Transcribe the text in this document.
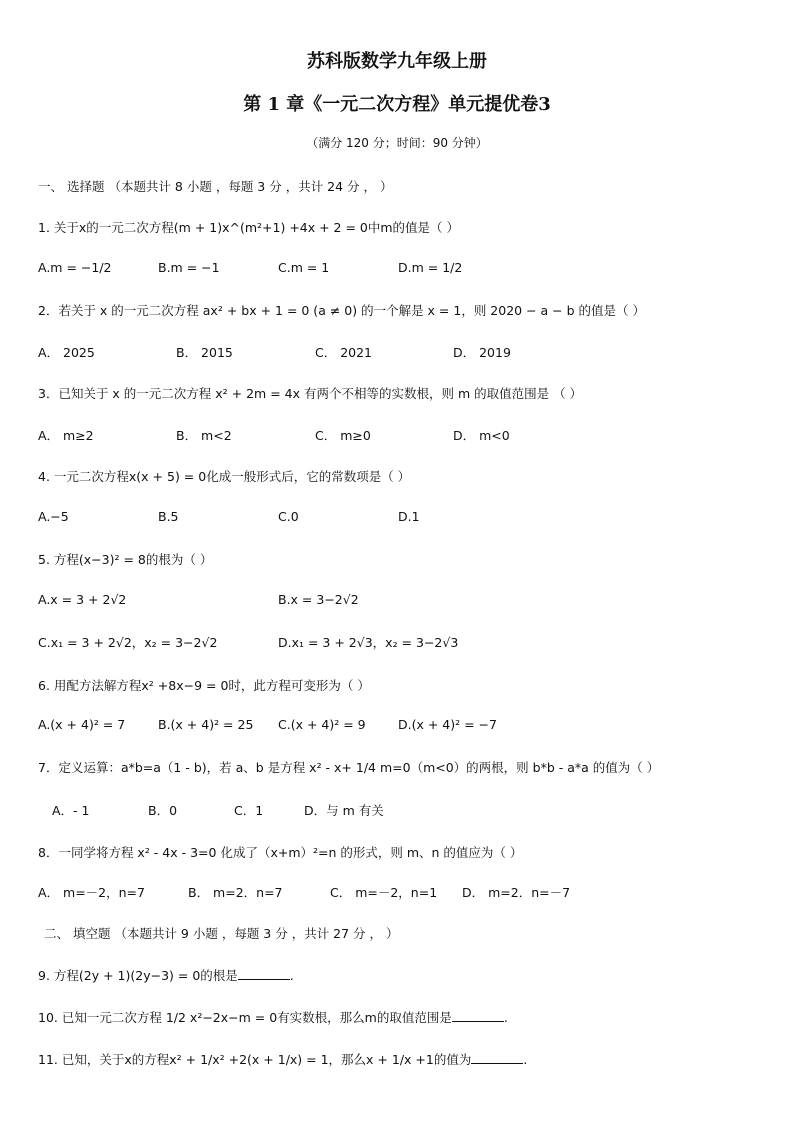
苏科版数学九年级上册
第 1 章《一元二次方程》单元提优卷3
（满分 120 分；时间：90 分钟）
一、 选择题 （本题共计 8 小题 ，每题 3 分 ，共计 24 分 ， ）
1. 关于x的一元二次方程(m + 1)x^(m²+1) +4x + 2 = 0中m的值是（ ）
A.m = −1/2	B.m = −1	C.m = 1	D.m = 1/2
2．若关于 x 的一元二次方程 ax² + bx + 1 = 0 (a ≠ 0) 的一个解是 x = 1，则 2020 − a − b 的值是（ ）
A． 2025	B． 2015	C． 2021	D． 2019
3．已知关于 x 的一元二次方程 x² + 2m = 4x 有两个不相等的实数根，则 m 的取值范围是 （ ）
A． m≥2	B． m<2	C． m≥0	D． m<0
4. 一元二次方程x(x + 5) = 0化成一般形式后，它的常数项是（ ）
A.−5	B.5	C.0	D.1
5. 方程(x−3)² = 8的根为（ ）
A.x = 3 + 2√2	B.x = 3−2√2
C.x₁ = 3 + 2√2，x₂ = 3−2√2	D.x₁ = 3 + 2√3，x₂ = 3−2√3
6. 用配方法解方程x² +8x−9 = 0时，此方程可变形为（ ）
A.(x + 4)² = 7	B.(x + 4)² = 25 C.(x + 4)² = 9	D.(x + 4)² = −7
7．定义运算：a*b=a（1 - b)，若 a、b 是方程 x² - x+ 1/4 m=0（m<0）的两根，则 b*b - a*a 的值为（ ）
A．- 1	B．0	C．1	D．与 m 有关
8．一同学将方程 x² - 4x - 3=0 化成了（x+m）²=n 的形式，则 m、n 的值应为（ ）
A． m=－2，n=7	B． m=2．n=7	C． m=－2，n=1 D． m=2．n=－7
二、 填空题 （本题共计 9 小题 ，每题 3 分 ，共计 27 分 ， ）
9. 方程(2y + 1)(2y−3) = 0的根是	.
10. 已知一元二次方程 1/2 x²−2x−m = 0有实数根，那么m的取值范围是	.
11. 已知，关于x的方程x² + 1/x² +2(x + 1/x) = 1，那么x + 1/x +1的值为	.
